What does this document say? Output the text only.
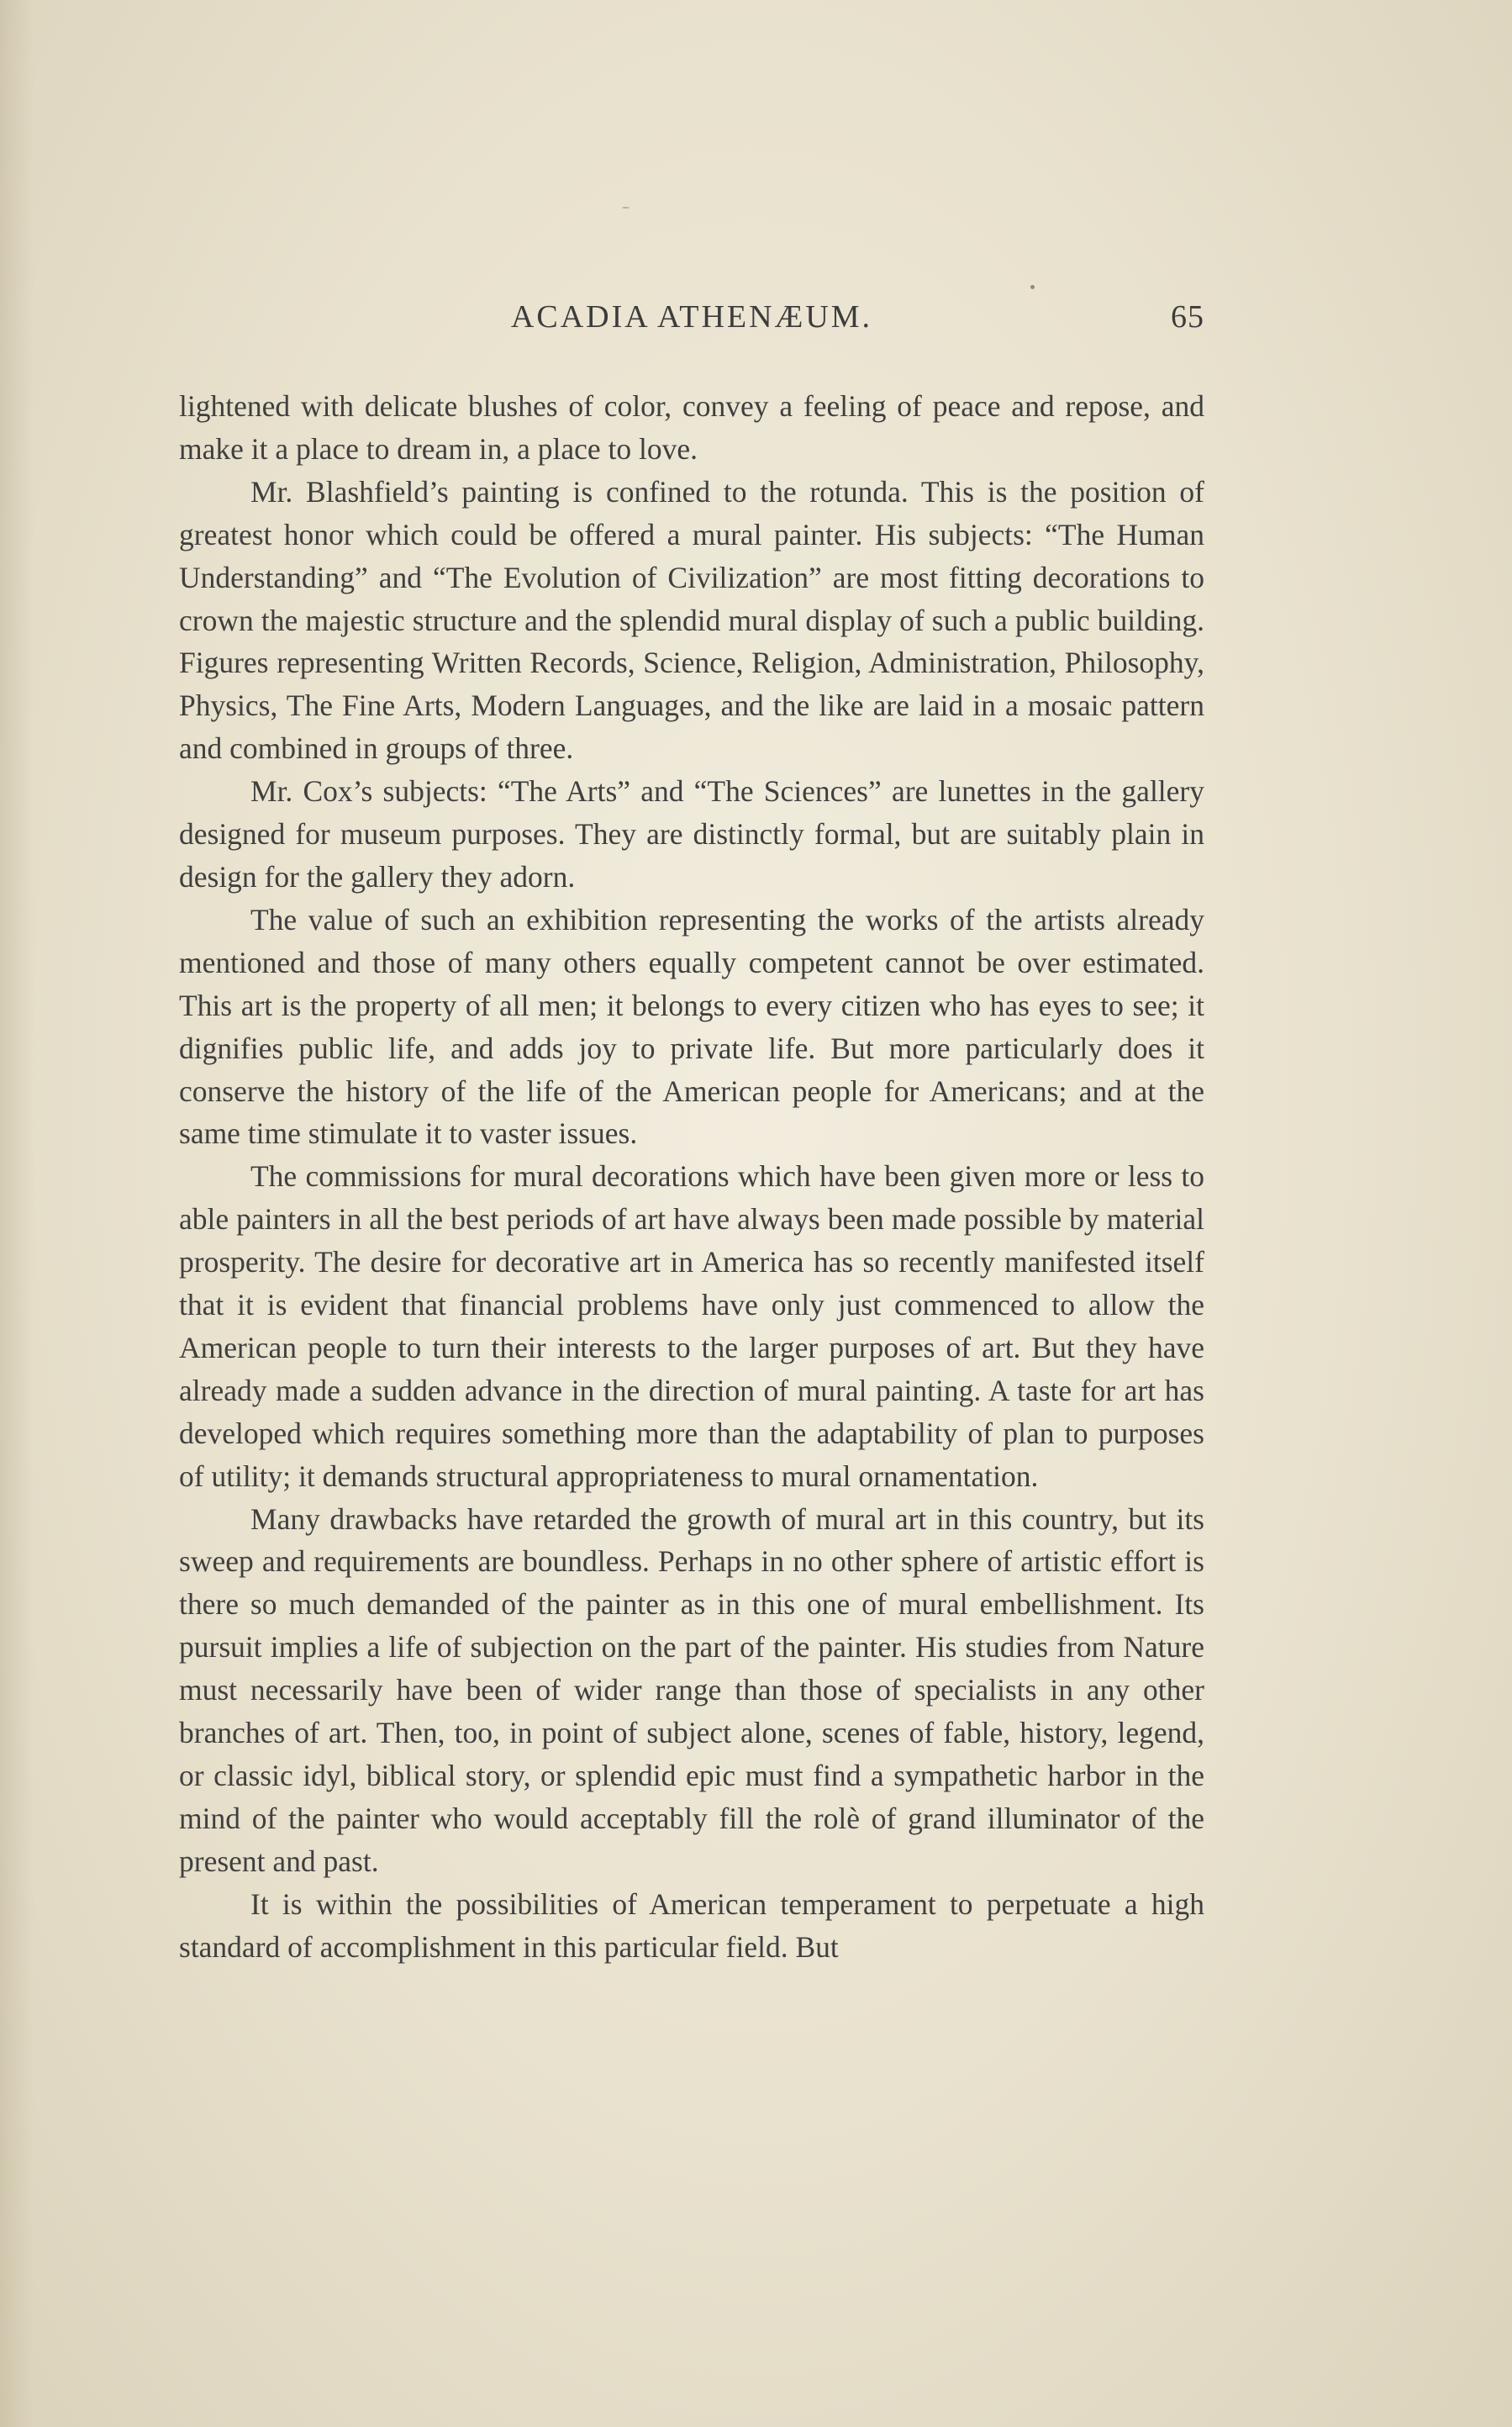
ACADIA ATHENÆUM.	65

lightened with delicate blushes of color, convey a feeling of peace and repose, and make it a place to dream in, a place to love.

Mr. Blashfield’s painting is confined to the rotunda. This is the position of greatest honor which could be offered a mural painter. His subjects: “The Human Understanding” and “The Evolution of Civilization” are most fitting decorations to crown the majestic structure and the splendid mural display of such a public building. Figures representing Written Records, Science, Religion, Administration, Philosophy, Physics, The Fine Arts, Modern Languages, and the like are laid in a mosaic pattern and combined in groups of three.

Mr. Cox’s subjects: “The Arts” and “The Sciences” are lunettes in the gallery designed for museum purposes. They are distinctly formal, but are suitably plain in design for the gallery they adorn.

The value of such an exhibition representing the works of the artists already mentioned and those of many others equally competent cannot be over estimated. This art is the property of all men; it belongs to every citizen who has eyes to see; it dignifies public life, and adds joy to private life. But more particularly does it conserve the history of the life of the American people for Americans; and at the same time stimulate it to vaster issues.

The commissions for mural decorations which have been given more or less to able painters in all the best periods of art have always been made possible by material prosperity. The desire for decorative art in America has so recently manifested itself that it is evident that financial problems have only just commenced to allow the American people to turn their interests to the larger purposes of art. But they have already made a sudden advance in the direction of mural painting. A taste for art has developed which requires something more than the adaptability of plan to purposes of utility; it demands structural appropriateness to mural ornamentation.

Many drawbacks have retarded the growth of mural art in this country, but its sweep and requirements are boundless. Perhaps in no other sphere of artistic effort is there so much demanded of the painter as in this one of mural embellishment. Its pursuit implies a life of subjection on the part of the painter. His studies from Nature must necessarily have been of wider range than those of specialists in any other branches of art. Then, too, in point of subject alone, scenes of fable, history, legend, or classic idyl, biblical story, or splendid epic must find a sympathetic harbor in the mind of the painter who would acceptably fill the rolè of grand illuminator of the present and past.

It is within the possibilities of American temperament to perpetuate a high standard of accomplishment in this particular field. But
